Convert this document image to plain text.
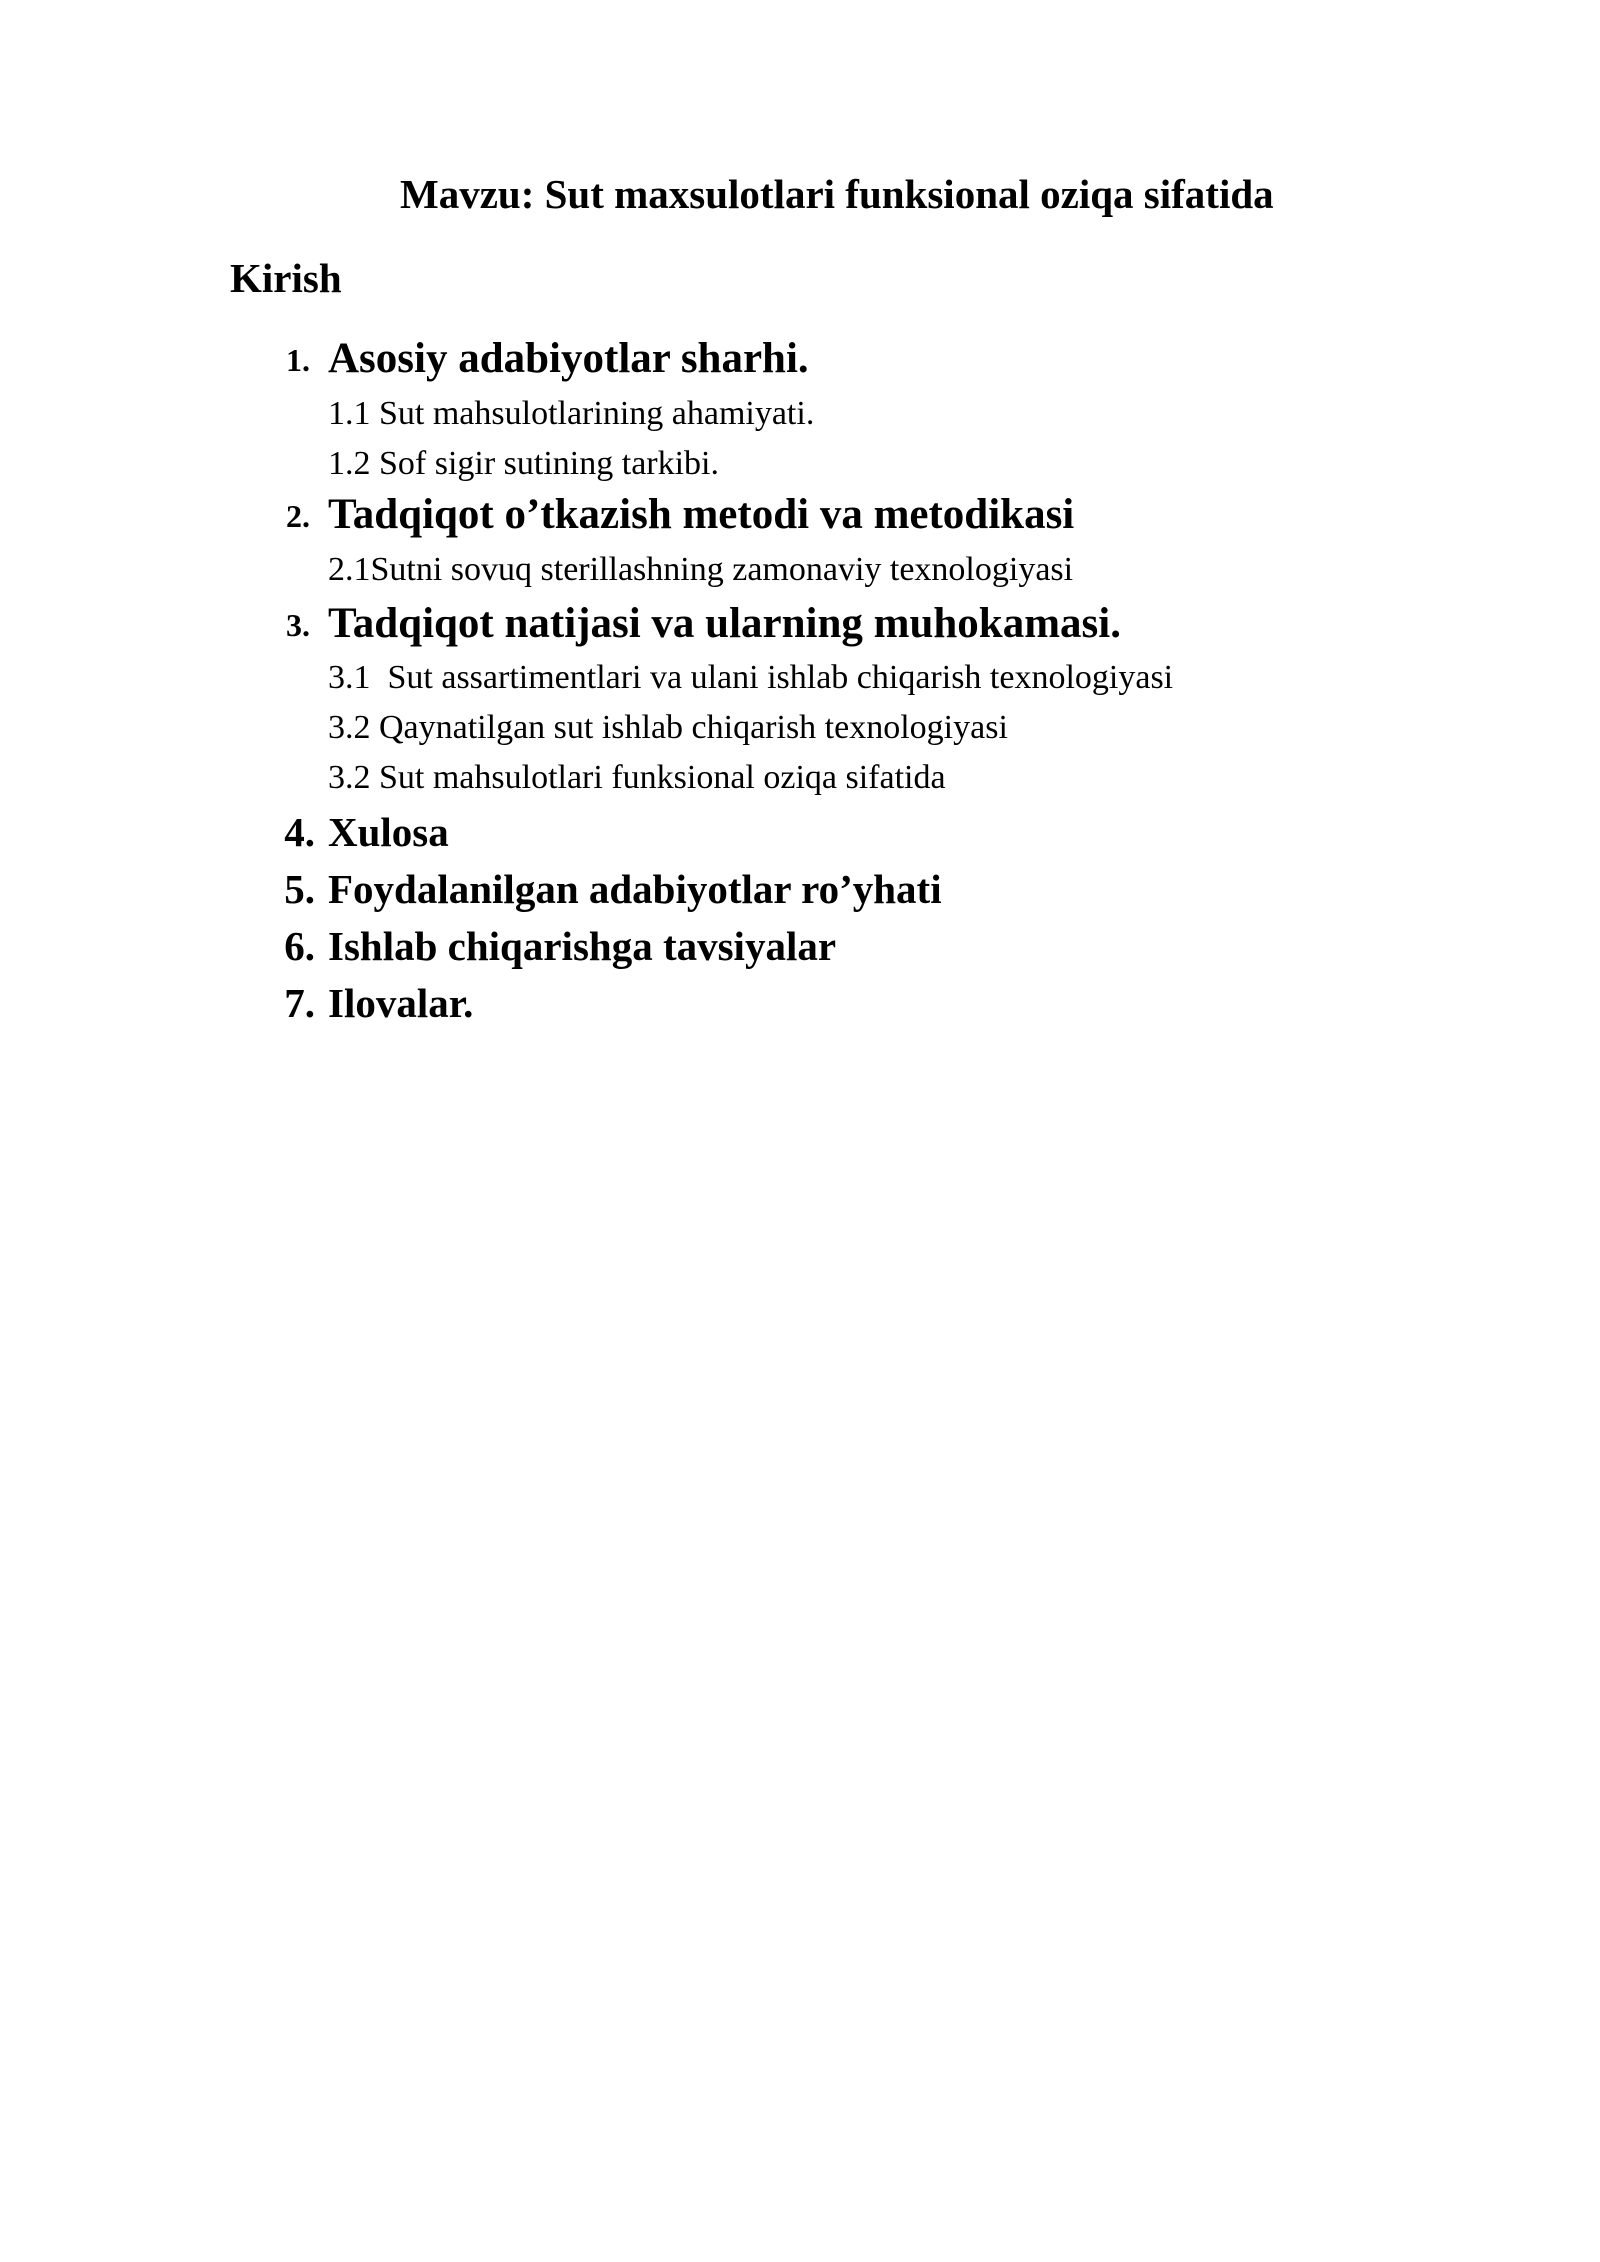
Mavzu: Sut maxsulotlari funksional oziqa sifatida
Kirish
1. Asosiy adabiyotlar sharhi.
1.1 Sut mahsulotlarining ahamiyati.
1.2 Sof sigir sutining tarkibi.
2. Tadqiqot o’tkazish metodi va metodikasi
2.1Sutni sovuq sterillashning zamonaviy texnologiyasi
3. Tadqiqot natijasi va ularning muhokamasi.
3.1  Sut assartimentlari va ulani ishlab chiqarish texnologiyasi
3.2 Qaynatilgan sut ishlab chiqarish texnologiyasi
3.2 Sut mahsulotlari funksional oziqa sifatida
4. Xulosa
5. Foydalanilgan adabiyotlar ro’yhati
6. Ishlab chiqarishga tavsiyalar
7. Ilovalar.
